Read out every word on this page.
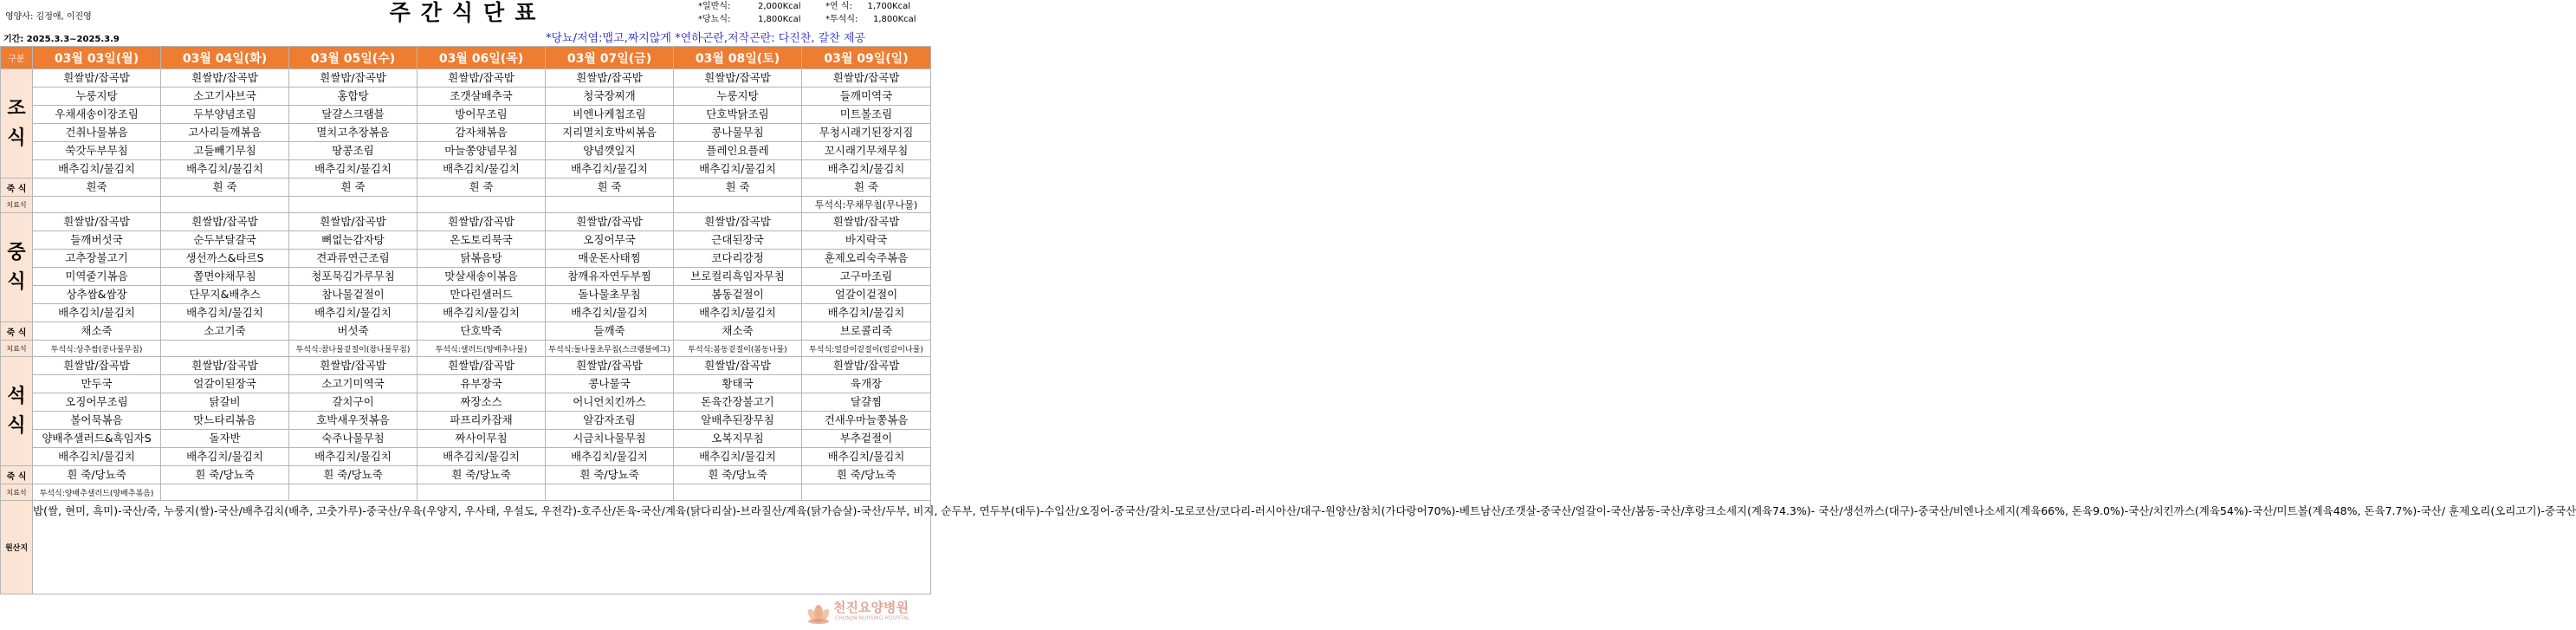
영양사: 김정애, 이진영	주간식단표
기간: 2025.3.3~2025.3.9
*일반식:	2,000Kcal
*당뇨식:	1,800Kcal
*연 식: 1,700Kcal
*투석식: 1,800Kcal
*당뇨/저염:맵고,짜지않게 *연하곤란,저작곤란: 다진찬, 갈찬 제공
구분	03월 03일(월)	03월 04일(화)	03월 05일(수)	03월 06일(목)	03월 07일(금)	03월 08일(토)	03월 09일(일)
조
식	흰쌀밥/잡곡밥	흰쌀밥/잡곡밥	흰쌀밥/잡곡밥	흰쌀밥/잡곡밥	흰쌀밥/잡곡밥	흰쌀밥/잡곡밥	흰쌀밥/잡곡밥
	누룽지탕	소고기샤브국	홍합탕	조갯살배추국	청국장찌개	누룽지탕	들깨미역국
	우채새송이장조림	두부양념조림	달걀스크램블	방어무조림	비엔나케첩조림	단호박닭조림	미트볼조림
	건취나물볶음	고사리들깨볶음	멸치고추장볶음	감자채볶음	지리멸치호박씨볶음	콩나물무침	무청시래기된장지짐
	쑥갓두부무침	고들빼기무침	땅콩조림	마늘쫑양념무침	양념깻잎지	플레인요플레	꼬시래기무채무침
	배추김치/물김치	배추김치/물김치	배추김치/물김치	배추김치/물김치	배추김치/물김치	배추김치/물김치	배추김치/물김치
죽 식	흰죽	흰 죽	흰 죽	흰 죽	흰 죽	흰 죽	흰 죽
치료식							투석식:무채무침(무나물)
중
식	흰쌀밥/잡곡밥	흰쌀밥/잡곡밥	흰쌀밥/잡곡밥	흰쌀밥/잡곡밥	흰쌀밥/잡곡밥	흰쌀밥/잡곡밥	흰쌀밥/잡곡밥
	들깨버섯국	순두부달걀국	뼈없는감자탕	온도토리묵국	오징어무국	근대된장국	바지락국
	고추장불고기	생선까스&타르S	견과류연근조림	닭볶음탕	매운돈사태찜	코다리강정	훈제오리숙주볶음
	미역줄기볶음	쫄면야채무침	청포묵김가루무침	맛살새송이볶음	참깨유자연두부찜	브로컬리흑임자무침	고구마조림
	상추쌈&쌈장	단무지&배추스	참나물겉절이	만다린샐러드	돌나물초무침	봄동겉절이	얼갈이겉절이
	배추김치/물김치	배추김치/물김치	배추김치/물김치	배추김치/물김치	배추김치/물김치	배추김치/물김치	배추김치/물김치
죽 식	채소죽	소고기죽	버섯죽	단호박죽	들깨죽	채소죽	브로콜리죽
치료식	투석식:상추쌈(콩나물무침)		투석식:참나물겉절이(참나물무침)	투석식:샐러드(양배추나물)	투석식:돌나물초무침(스크램블에그)	투석식:봄동겉절이(봄동나물)	투석식:얼갈이겉절이(얼갈이나물)
석
식	흰쌀밥/잡곡밥	흰쌀밥/잡곡밥	흰쌀밥/잡곡밥	흰쌀밥/잡곡밥	흰쌀밥/잡곡밥	흰쌀밥/잡곡밥	흰쌀밥/잡곡밥
	만두국	얼갈이된장국	소고기미역국	유부장국	콩나물국	황태국	육개장
	오징어무조림	닭갈비	갈치구이	짜장소스	어니언치킨까스	돈육간장불고기	달걀찜
	볼어묵볶음	맛느타리볶음	호박새우젓볶음	파프리카잡채	알감자조림	알배추된장무침	건새우마늘쫑볶음
	양배추샐러드&흑임자S	돌자반	숙주나물무침	짜사이무침	시금치나물무침	오복지무침	부추겉절이
	배추김치/물김치	배추김치/물김치	배추김치/물김치	배추김치/물김치	배추김치/물김치	배추김치/물김치	배추김치/물김치
죽 식	흰 죽/당뇨죽	흰 죽/당뇨죽	흰 죽/당뇨죽	흰 죽/당뇨죽	흰 죽/당뇨죽	흰 죽/당뇨죽	흰 죽/당뇨죽
치료식	투석식:양배추샐러드(양배추볶음)						
원산지	밥(쌀, 현미, 흑미)-국산/죽, 누룽지(쌀)-국산/배추김치(배추, 고춧가루)-중국산/우육(우양지, 우사태, 우설도, 우전각)-호주산/돈육-국산/계육(닭다리살)-브라질산/계육(닭가슴살)-국산/두부, 비지, 순두부, 연두부(대두)-수입산/오징어-중국산/갈치-모로코산/코다리-러시아산/대구-원양산/참치(가다랑어70%)-베트남산/조갯살-중국산/얼갈이-국산/봄동-국산/후랑크소세지(계육74.3%)- 국산/생선까스(대구)-중국산/비엔나소세지(계육66%, 돈육9.0%)-국산/치킨까스(계육54%)-국산/미트볼(계육48%, 돈육7.7%)-국산/ 훈제오리(오리고기)-중국산						
천진요양병원
CHUNJIN NURSING HOSPITAL
